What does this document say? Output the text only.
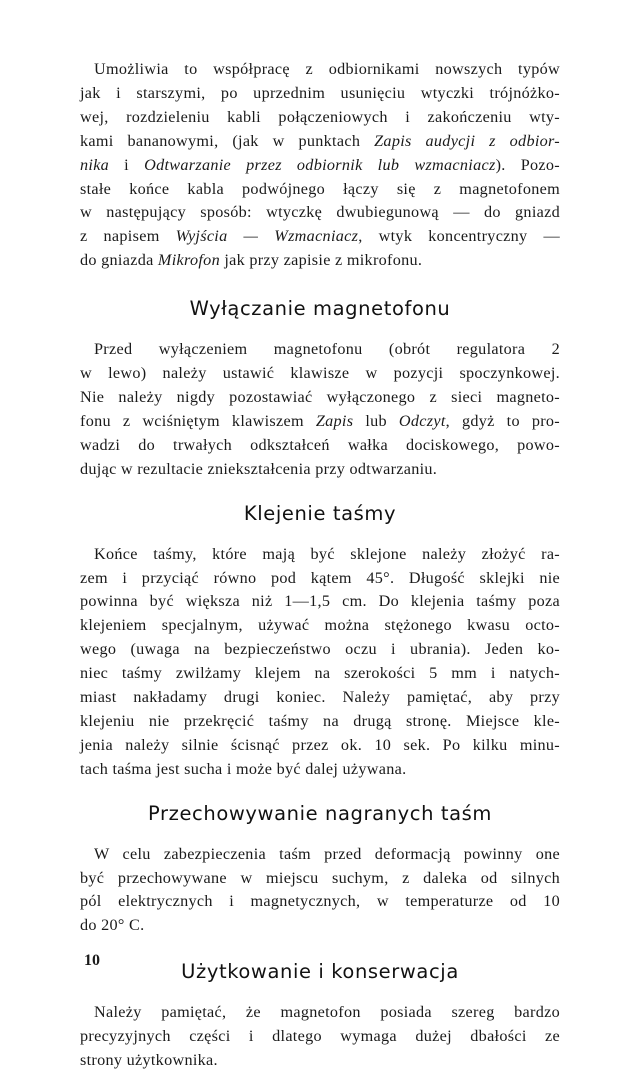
Umożliwia to współpracę z odbiornikami nowszych typów
jak i starszymi, po uprzednim usunięciu wtyczki trójnóżko-
wej, rozdzieleniu kabli połączeniowych i zakończeniu wty-
kami bananowymi, (jak w punktach Zapis audycji z odbior-
nika i Odtwarzanie przez odbiornik lub wzmacniacz). Pozo-
stałe końce kabla podwójnego łączy się z magnetofonem
w następujący sposób: wtyczkę dwubiegunową — do gniazd
z napisem Wyjścia — Wzmacniacz, wtyk koncentryczny —
do gniazda Mikrofon jak przy zapisie z mikrofonu.

Wyłączanie magnetofonu

Przed wyłączeniem magnetofonu (obrót regulatora 2
w lewo) należy ustawić klawisze w pozycji spoczynkowej.
Nie należy nigdy pozostawiać wyłączonego z sieci magneto-
fonu z wciśniętym klawiszem Zapis lub Odczyt, gdyż to pro-
wadzi do trwałych odkształceń wałka dociskowego, powo-
dując w rezultacie zniekształcenia przy odtwarzaniu.

Klejenie taśmy

Końce taśmy, które mają być sklejone należy złożyć ra-
zem i przyciąć równo pod kątem 45°. Długość sklejki nie
powinna być większa niż 1—1,5 cm. Do klejenia taśmy poza
klejeniem specjalnym, używać można stężonego kwasu octo-
wego (uwaga na bezpieczeństwo oczu i ubrania). Jeden ko-
niec taśmy zwilżamy klejem na szerokości 5 mm i natych-
miast nakładamy drugi koniec. Należy pamiętać, aby przy
klejeniu nie przekręcić taśmy na drugą stronę. Miejsce kle-
jenia należy silnie ścisnąć przez ok. 10 sek. Po kilku minu-
tach taśma jest sucha i może być dalej używana.

Przechowywanie nagranych taśm

W celu zabezpieczenia taśm przed deformacją powinny one
być przechowywane w miejscu suchym, z daleka od silnych
pól elektrycznych i magnetycznych, w temperaturze od 10
do 20° C.

Użytkowanie i konserwacja

Należy pamiętać, że magnetofon posiada szereg bardzo
precyzyjnych części i dlatego wymaga dużej dbałości ze
strony użytkownika.

10
